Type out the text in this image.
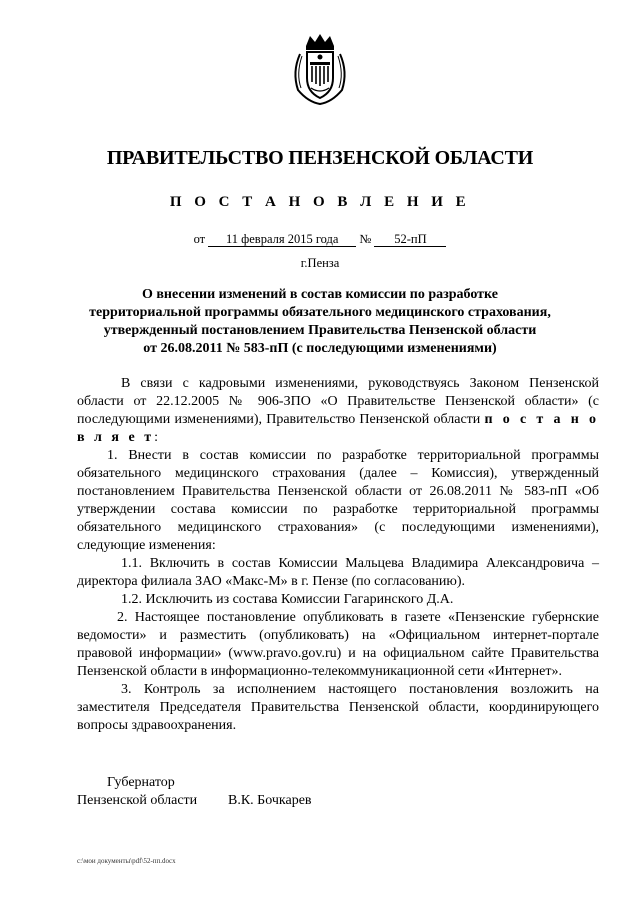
ПРАВИТЕЛЬСТВО ПЕНЗЕНСКОЙ ОБЛАСТИ
П О С Т А Н О В Л Е Н И Е
от 11 февраля 2015 года № 52-пП
г.Пенза
О внесении изменений в состав комиссии по разработке
территориальной программы обязательного медицинского страхования,
утвержденный постановлением Правительства Пензенской области
от 26.08.2011 № 583-пП (с последующими изменениями)

В связи с кадровыми изменениями, руководствуясь Законом Пензенской области от 22.12.2005 № 906-ЗПО «О Правительстве Пензенской области» (с последующими изменениями), Правительство Пензенской области п о с т а н о в л я е т:

1. Внести в состав комиссии по разработке территориальной программы обязательного медицинского страхования (далее – Комиссия), утвержденный постановлением Правительства Пензенской области от 26.08.2011 № 583-пП «Об утверждении состава комиссии по разработке территориальной программы обязательного медицинского страхования» (с последующими изменениями), следующие изменения:

1.1. Включить в состав Комиссии Мальцева Владимира Александровича – директора филиала ЗАО «Макс-М» в г. Пензе (по согласованию).

1.2. Исключить из состава Комиссии Гагаринского Д.А.

2. Настоящее постановление опубликовать в газете «Пензенские губернские ведомости» и разместить (опубликовать) на «Официальном интернет-портале правовой информации» (www.pravo.gov.ru) и на официальном сайте Правительства Пензенской области в информационно-телекоммуникационной сети «Интернет».

3. Контроль за исполнением настоящего постановления возложить на заместителя Председателя Правительства Пензенской области, координирующего вопросы здравоохранения.

Губернатор
Пензенской области В.К. Бочкарев
c:\мои документы\pdf\52-пп.docx
